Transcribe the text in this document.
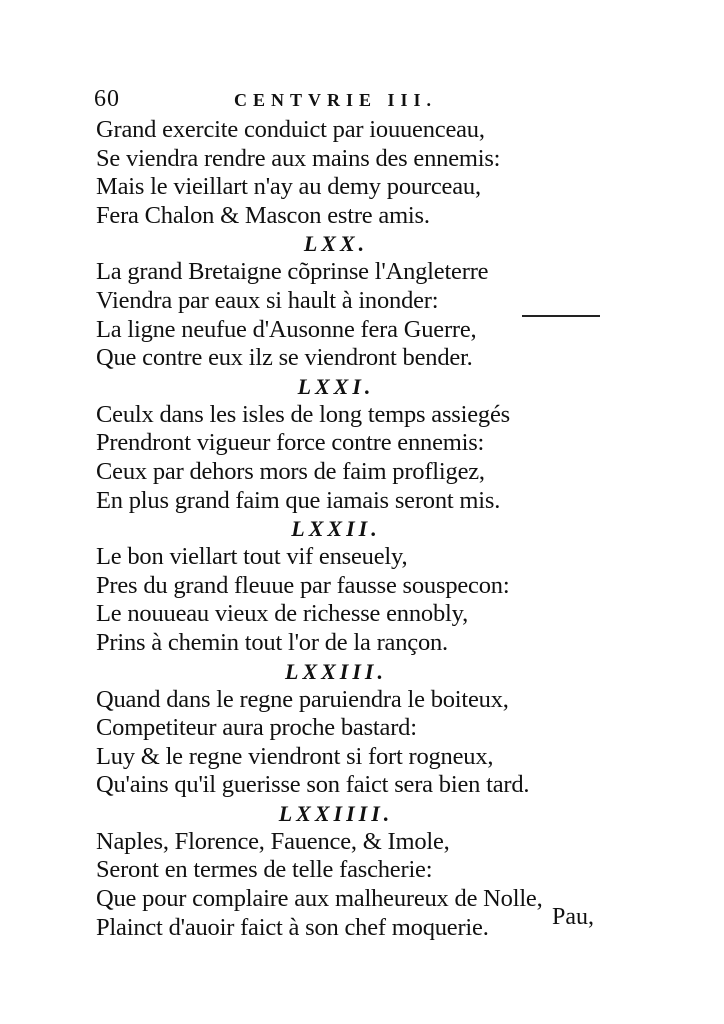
60	CENTVRIE III.
Grand exercite conduict par iouuenceau,
Se viendra rendre aux mains des ennemis:
Mais le vieillart n'ay au demy pourceau,
Fera Chalon & Mascon estre amis.
LXX.
La grand Bretaigne cõprinse l'Angleterre
Viendra par eaux si hault à inonder:
La ligne neufue d'Ausonne fera Guerre,
Que contre eux ilz se viendront bender.
LXXI.
Ceulx dans les isles de long temps assiegés
Prendront vigueur force contre ennemis:
Ceux par dehors mors de faim profligez,
En plus grand faim que iamais seront mis.
LXXII.
Le bon viellart tout vif enseuely,
Pres du grand fleuue par fausse souspecon:
Le nouueau vieux de richesse ennobly,
Prins à chemin tout l'or de la rançon.
LXXIII.
Quand dans le regne paruiendra le boiteux,
Competiteur aura proche bastard:
Luy & le regne viendront si fort rogneux,
Qu'ains qu'il guerisse son faict sera bien tard.
LXXIIII.
Naples, Florence, Fauence, & Imole,
Seront en termes de telle fascherie:
Que pour complaire aux malheureux de Nolle,
Plainct d'auoir faict à son chef moquerie.	Pau,
